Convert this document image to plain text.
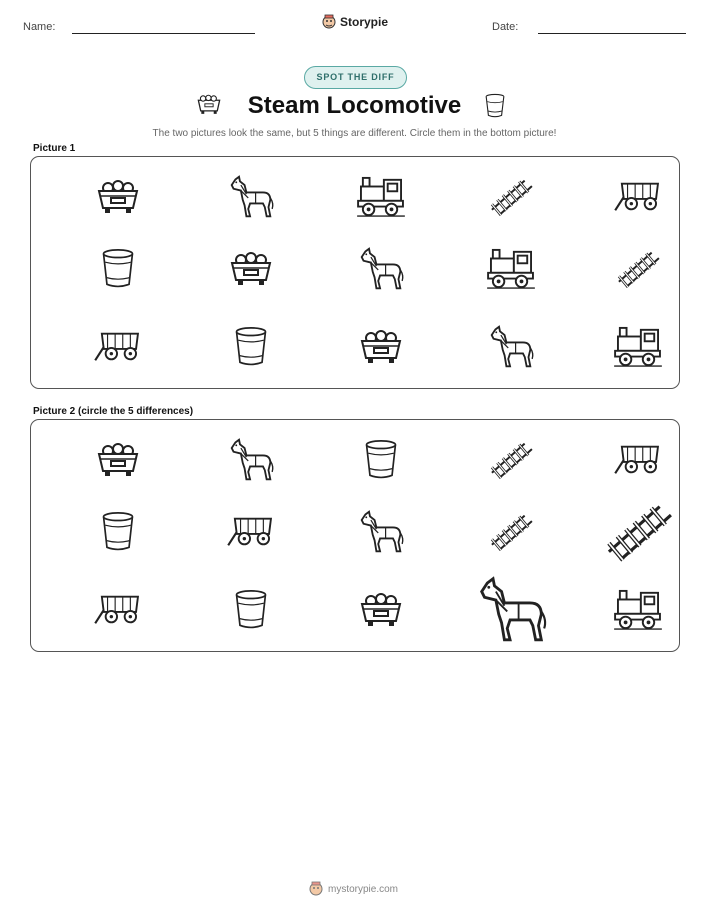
Name:	Storypie	Date:
SPOT THE DIFF
Steam Locomotive
The two pictures look the same, but 5 things are different. Circle them in the bottom picture!
Picture 1
Picture 2 (circle the 5 differences)
mystorypie.com
